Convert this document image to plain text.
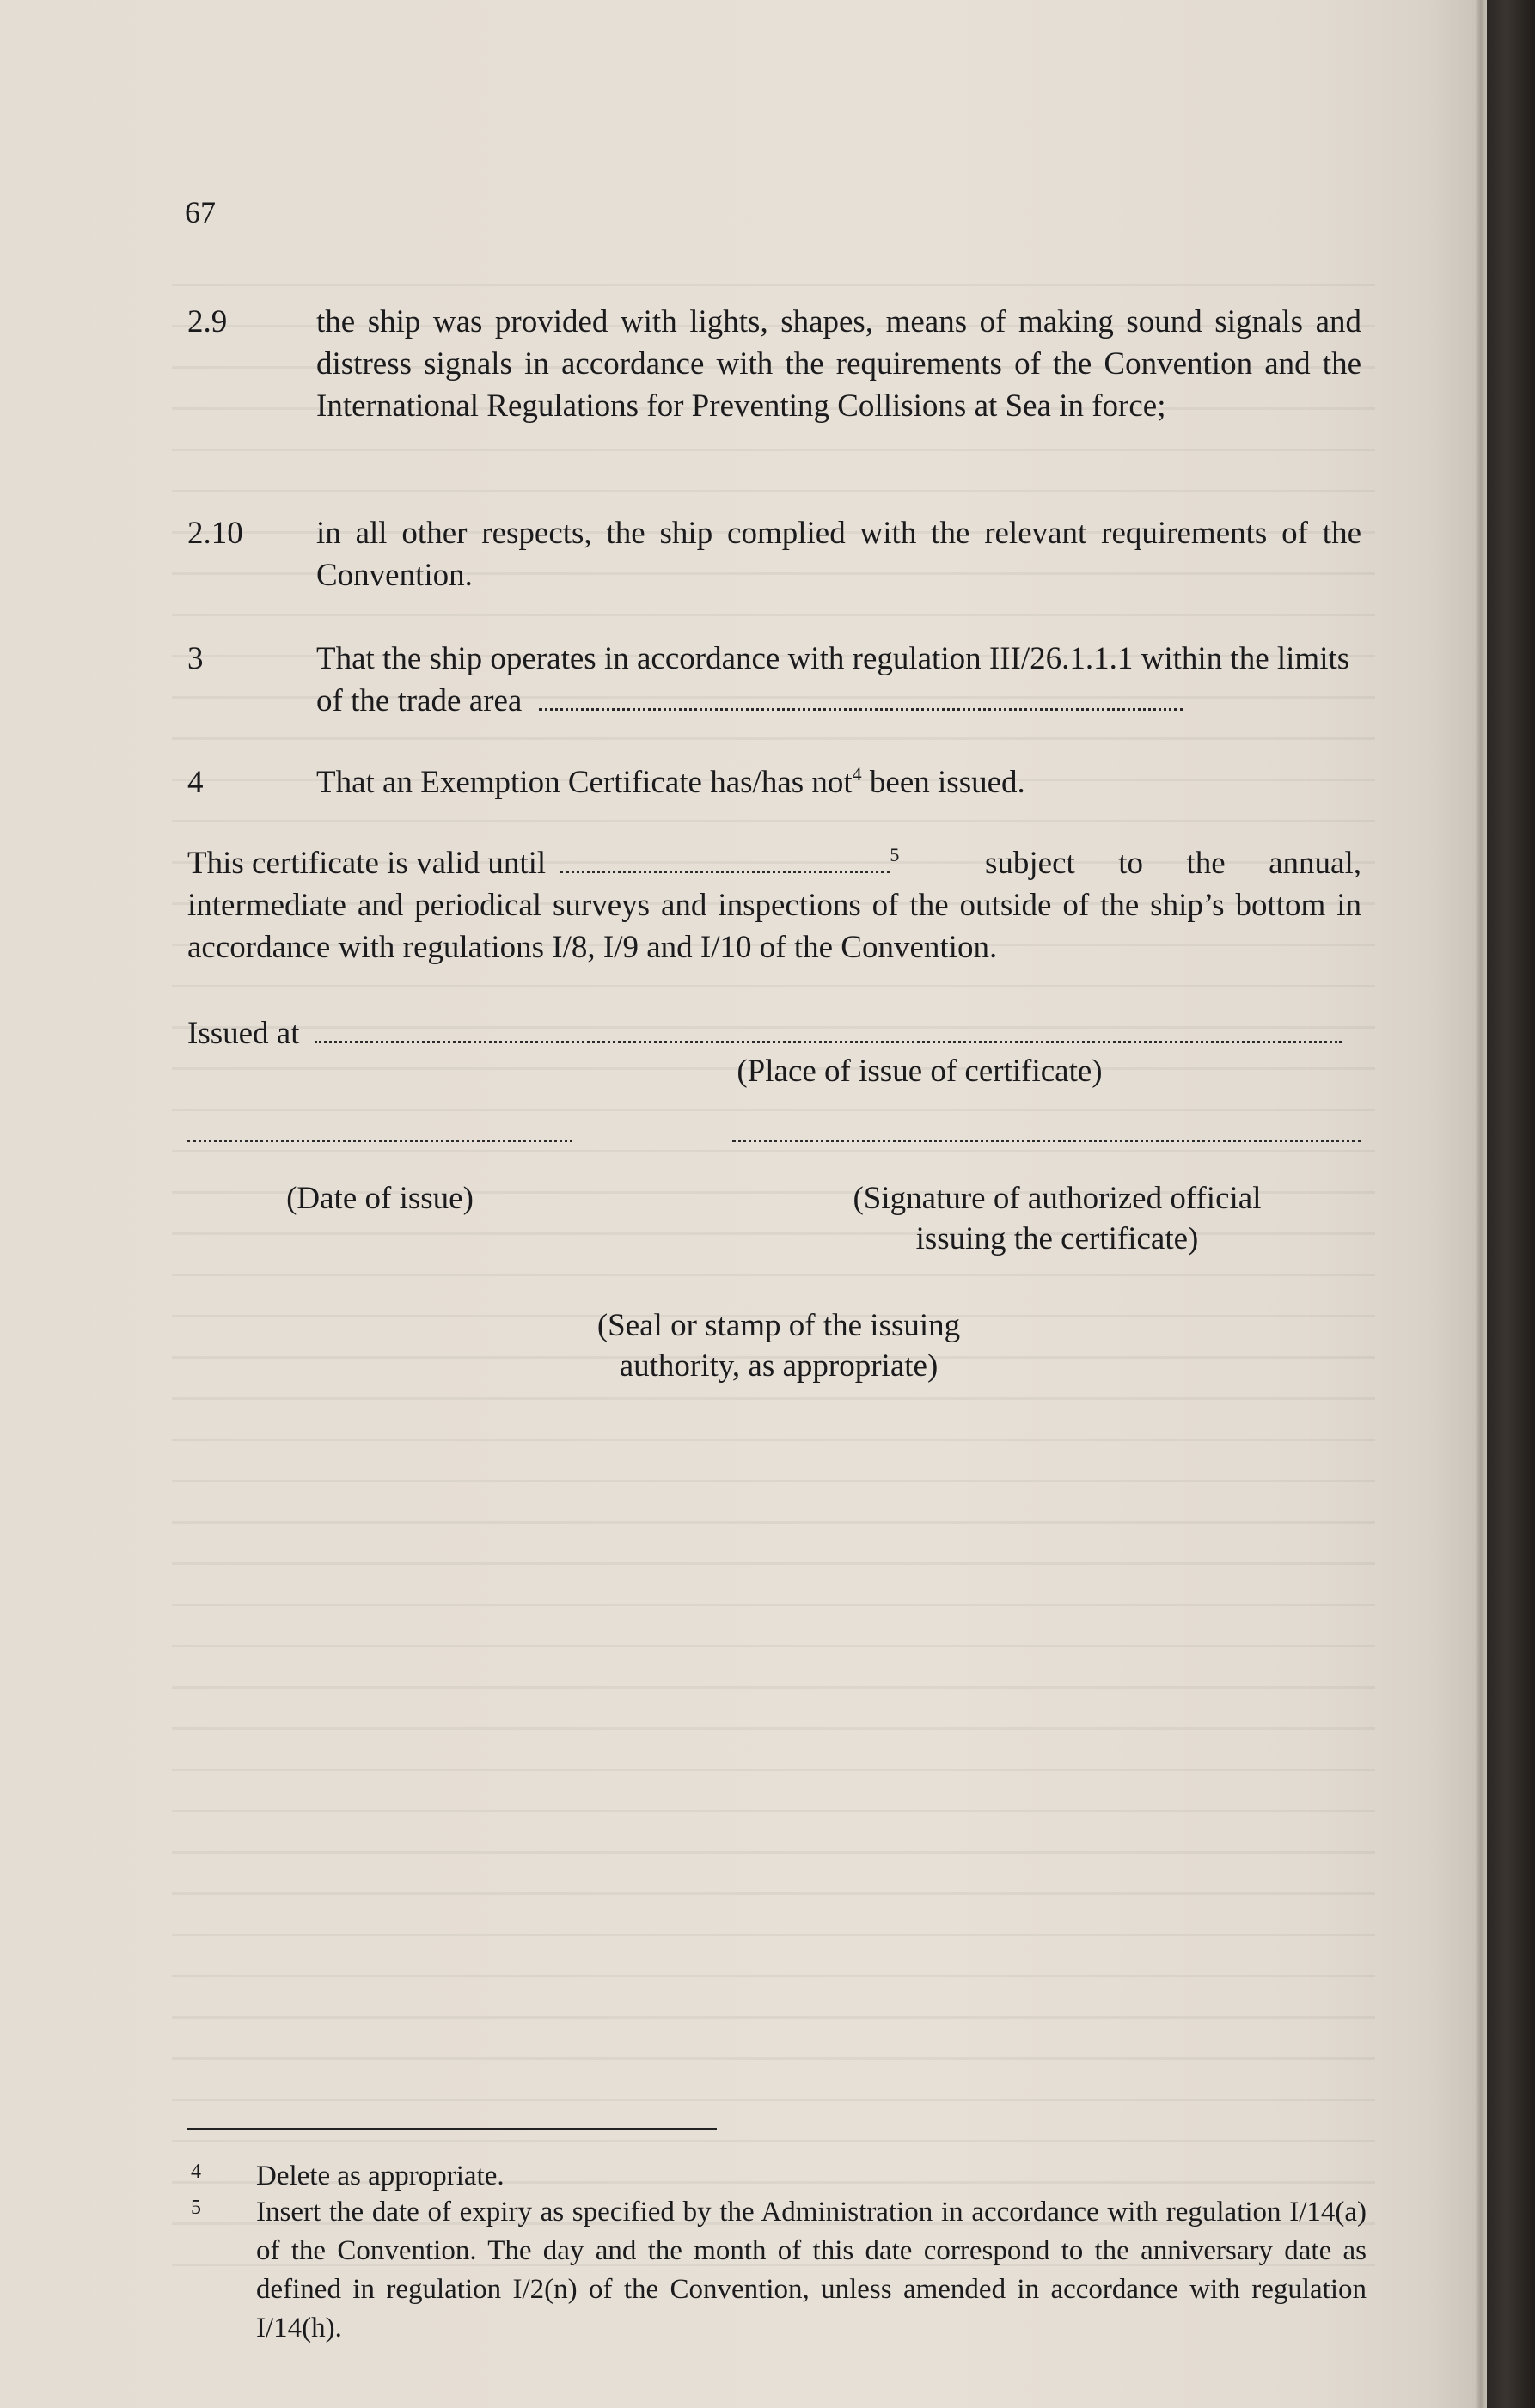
67
2.9	the ship was provided with lights, shapes, means of making sound signals and distress signals in accordance with the requirements of the Convention and the International Regulations for Preventing Collisions at Sea in force;
2.10 in all other respects, the ship complied with the relevant requirements of the Convention.
3	That the ship operates in accordance with regulation III/26.1.1.1 within the limits of the trade area
4	That an Exemption Certificate has/has not$^4$ been issued.
This certificate is valid until	$^5$	subject to the annual, intermediate and periodical surveys and inspections of the outside of the ship’s bottom in accordance with regulations I/8, I/9 and I/10 of the Convention.
Issued at
(Place of issue of certificate)
(Date of issue)	(Signature of authorized official
issuing the certificate)
(Seal or stamp of the issuing
authority, as appropriate)
4 Delete as appropriate.
5 Insert the date of expiry as specified by the Administration in accordance with regulation I/14(a) of the Convention. The day and the month of this date correspond to the anniversary date as defined in regulation I/2(n) of the Convention, unless amended in accordance with regulation I/14(h).
